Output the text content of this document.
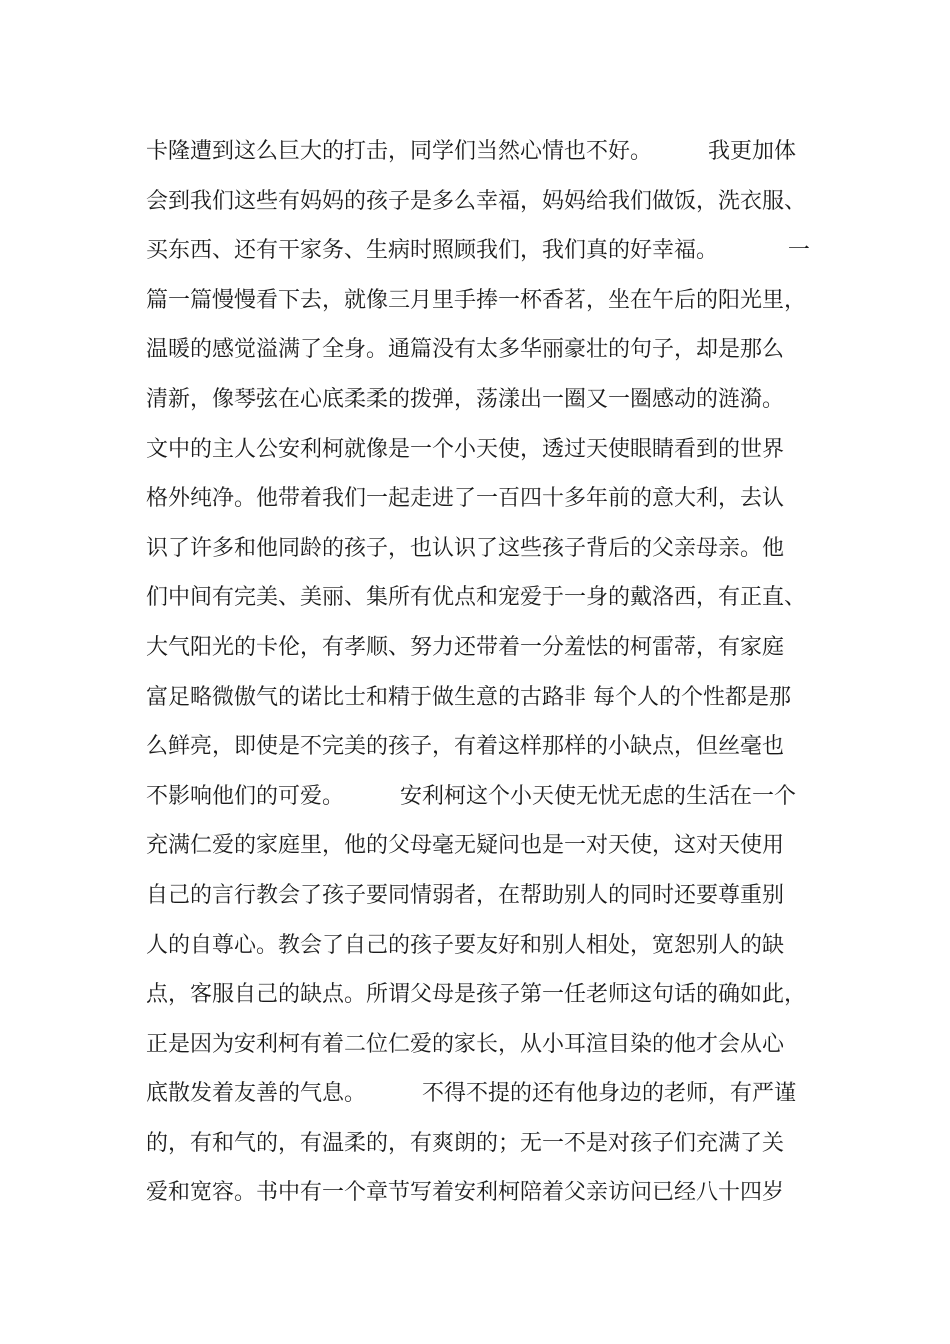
卡隆遭到这么巨大的打击，同学们当然心情也不好。        我更加体
会到我们这些有妈妈的孩子是多么幸福，妈妈给我们做饭，洗衣服、
买东西、还有干家务、生病时照顾我们，我们真的好幸福。          一
篇一篇慢慢看下去，就像三月里手捧一杯香茗，坐在午后的阳光里，
温暖的感觉溢满了全身。通篇没有太多华丽豪壮的句子，却是那么
清新，像琴弦在心底柔柔的拨弹，荡漾出一圈又一圈感动的涟漪。
文中的主人公安利柯就像是一个小天使，透过天使眼睛看到的世界
格外纯净。他带着我们一起走进了一百四十多年前的意大利，去认
识了许多和他同龄的孩子，也认识了这些孩子背后的父亲母亲。他
们中间有完美、美丽、集所有优点和宠爱于一身的戴洛西，有正直、
大气阳光的卡伦，有孝顺、努力还带着一分羞怯的柯雷蒂，有家庭
富足略微傲气的诺比士和精于做生意的古路非 每个人的个性都是那
么鲜亮，即使是不完美的孩子，有着这样那样的小缺点，但丝毫也
不影响他们的可爱。        安利柯这个小天使无忧无虑的生活在一个
充满仁爱的家庭里，他的父母毫无疑问也是一对天使，这对天使用
自己的言行教会了孩子要同情弱者，在帮助别人的同时还要尊重别
人的自尊心。教会了自己的孩子要友好和别人相处，宽恕别人的缺
点，客服自己的缺点。所谓父母是孩子第一任老师这句话的确如此，
正是因为安利柯有着二位仁爱的家长，从小耳渲目染的他才会从心
底散发着友善的气息。        不得不提的还有他身边的老师，有严谨
的，有和气的，有温柔的，有爽朗的；无一不是对孩子们充满了关
爱和宽容。书中有一个章节写着安利柯陪着父亲访问已经八十四岁
